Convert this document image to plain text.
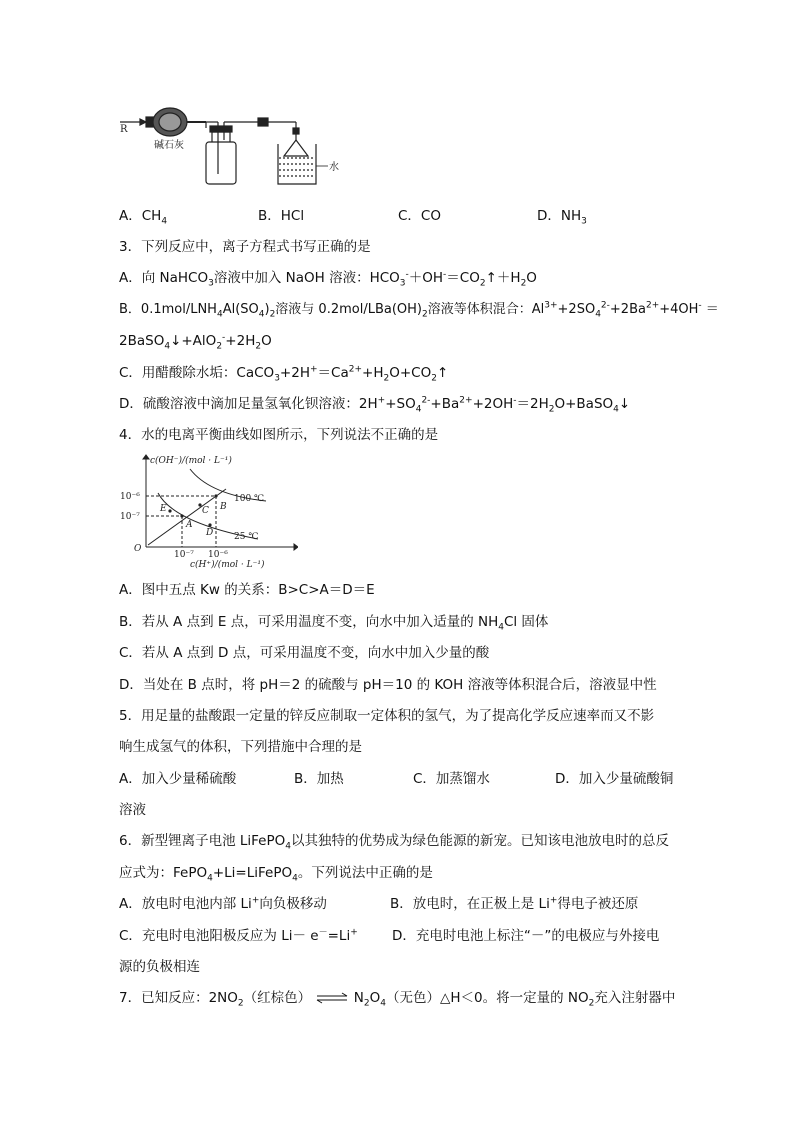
R
碱石灰
水
A．$CH_4$	B．HCl	C．CO	D．$NH_3$
3．下列反应中，离子方程式书写正确的是
A．向 NaHCO$_3$溶液中加入 NaOH 溶液：$HCO_3^-+OH^-=CO_2↑+H_2O$
B．$0.1mol/LNH_4Al(SO_4)_2$溶液与 $0.2mol/LBa(OH)_2$溶液等体积混合：$Al^{3+}+2SO_4^{2-}+2Ba^{2+}+4OH^-$ ＝
$2BaSO_4↓+AlO_2^-+2H_2O$
C．用醋酸除水垢：$CaCO_3+2H^+=Ca^{2+}+H_2O+CO_2↑$
D．硫酸溶液中滴加足量氢氧化钡溶液：$2H^++SO_4^{2-}+Ba^{2+}+2OH^-=2H_2O+BaSO_4↓$
4．水的电离平衡曲线如图所示，下列说法不正确的是
c(OH⁻)/(mol · L⁻¹)
c(H⁺)/(mol · L⁻¹)
O
10⁻⁶
10⁻⁷
10⁻⁷ 10⁻⁶
100 ℃
25 ℃
A
B
C
D
E
A．图中五点 Kw 的关系：B>C>A＝D＝E
B．若从 A 点到 E 点，可采用温度不变，向水中加入适量的 $NH_4Cl$ 固体
C．若从 A 点到 D 点，可采用温度不变，向水中加入少量的酸
D．当处在 B 点时，将 pH＝2 的硫酸与 pH＝10 的 KOH 溶液等体积混合后，溶液显中性
5．用足量的盐酸跟一定量的锌反应制取一定体积的氢气，为了提高化学反应速率而又不影
响生成氢气的体积，下列措施中合理的是
A．加入少量稀硫酸	B．加热	C．加蒸馏水	D．加入少量硫酸铜
溶液
6．新型锂离子电池 LiFePO$_4$以其独特的优势成为绿色能源的新宠。已知该电池放电时的总反
应式为：FePO$_4$+Li=LiFePO$_4$。下列说法中正确的是
A．放电时电池内部 Li+向负极移动	B．放电时，在正极上是 Li+得电子被还原
C．充电时电池阳极反应为 Li－ e－=Li+	D．充电时电池上标注“－”的电极应与外接电
源的负极相连
7．已知反应：$2NO_2$（红棕色） ⇌ $N_2O_4$（无色）△H＜0。将一定量的 $NO_2$充入注射器中
